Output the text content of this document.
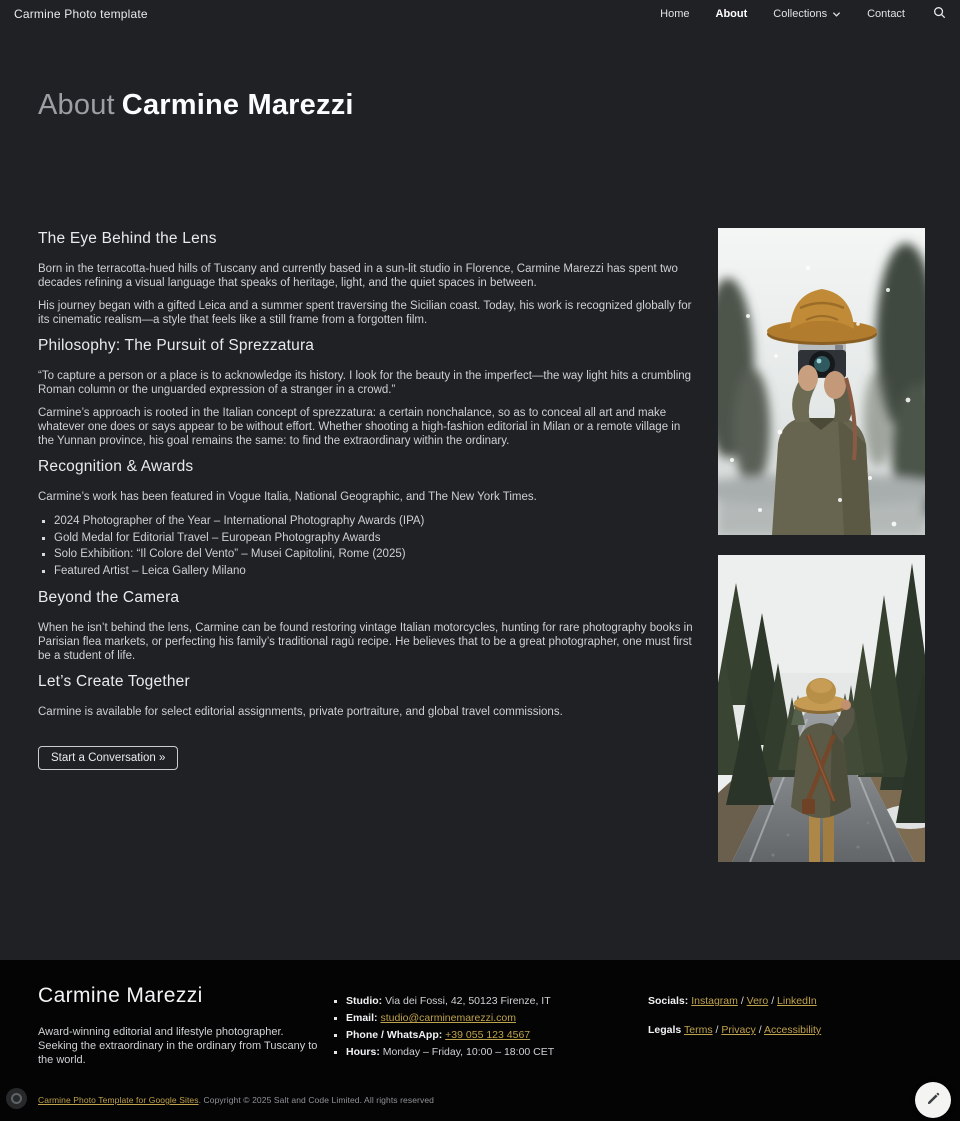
Carmine Photo template	Home About Collections	Contact
About Carmine Marezzi
The Eye Behind the Lens

Born in the terracotta-hued hills of Tuscany and currently based in a sun-lit studio in Florence, Carmine Marezzi has spent two decades refining a visual language that speaks of heritage, light, and the quiet spaces in between.

His journey began with a gifted Leica and a summer spent traversing the Sicilian coast. Today, his work is recognized globally for its cinematic realism—a style that feels like a still frame from a forgotten film.

Philosophy: The Pursuit of Sprezzatura

“To capture a person or a place is to acknowledge its history. I look for the beauty in the imperfect—the way light hits a crumbling Roman column or the unguarded expression of a stranger in a crowd.”

Carmine’s approach is rooted in the Italian concept of sprezzatura: a certain nonchalance, so as to conceal all art and make whatever one does or says appear to be without effort. Whether shooting a high-fashion editorial in Milan or a remote village in the Yunnan province, his goal remains the same: to find the extraordinary within the ordinary.

Recognition & Awards

Carmine’s work has been featured in Vogue Italia, National Geographic, and The New York Times.

▪ 2024 Photographer of the Year – International Photography Awards (IPA)
▪ Gold Medal for Editorial Travel – European Photography Awards
▪ Solo Exhibition: “Il Colore del Vento” – Musei Capitolini, Rome (2025)
▪ Featured Artist – Leica Gallery Milano
Beyond the Camera

When he isn’t behind the lens, Carmine can be found restoring vintage Italian motorcycles, hunting for rare photography books in Parisian flea markets, or perfecting his family’s traditional ragù recipe. He believes that to be a great photographer, one must first be a student of life.

Let’s Create Together

Carmine is available for select editorial assignments, private portraiture, and global travel commissions.

Start a Conversation »
Carmine Marezzi

Award-winning editorial and lifestyle photographer. Seeking the extraordinary in the ordinary from Tuscany to the world.

▪ Studio: Via dei Fossi, 42, 50123 Firenze, IT
▪ Email: studio@carminemarezzi.com
▪ Phone / WhatsApp: +39 055 123 4567
▪ Hours: Monday – Friday, 10:00 – 18:00 CET
Socials: Instagram / Vero / LinkedIn
Legals Terms / Privacy / Accessibility
Carmine Photo Template for Google Sites. Copyright © 2025 Salt and Code Limited. All rights reserved
